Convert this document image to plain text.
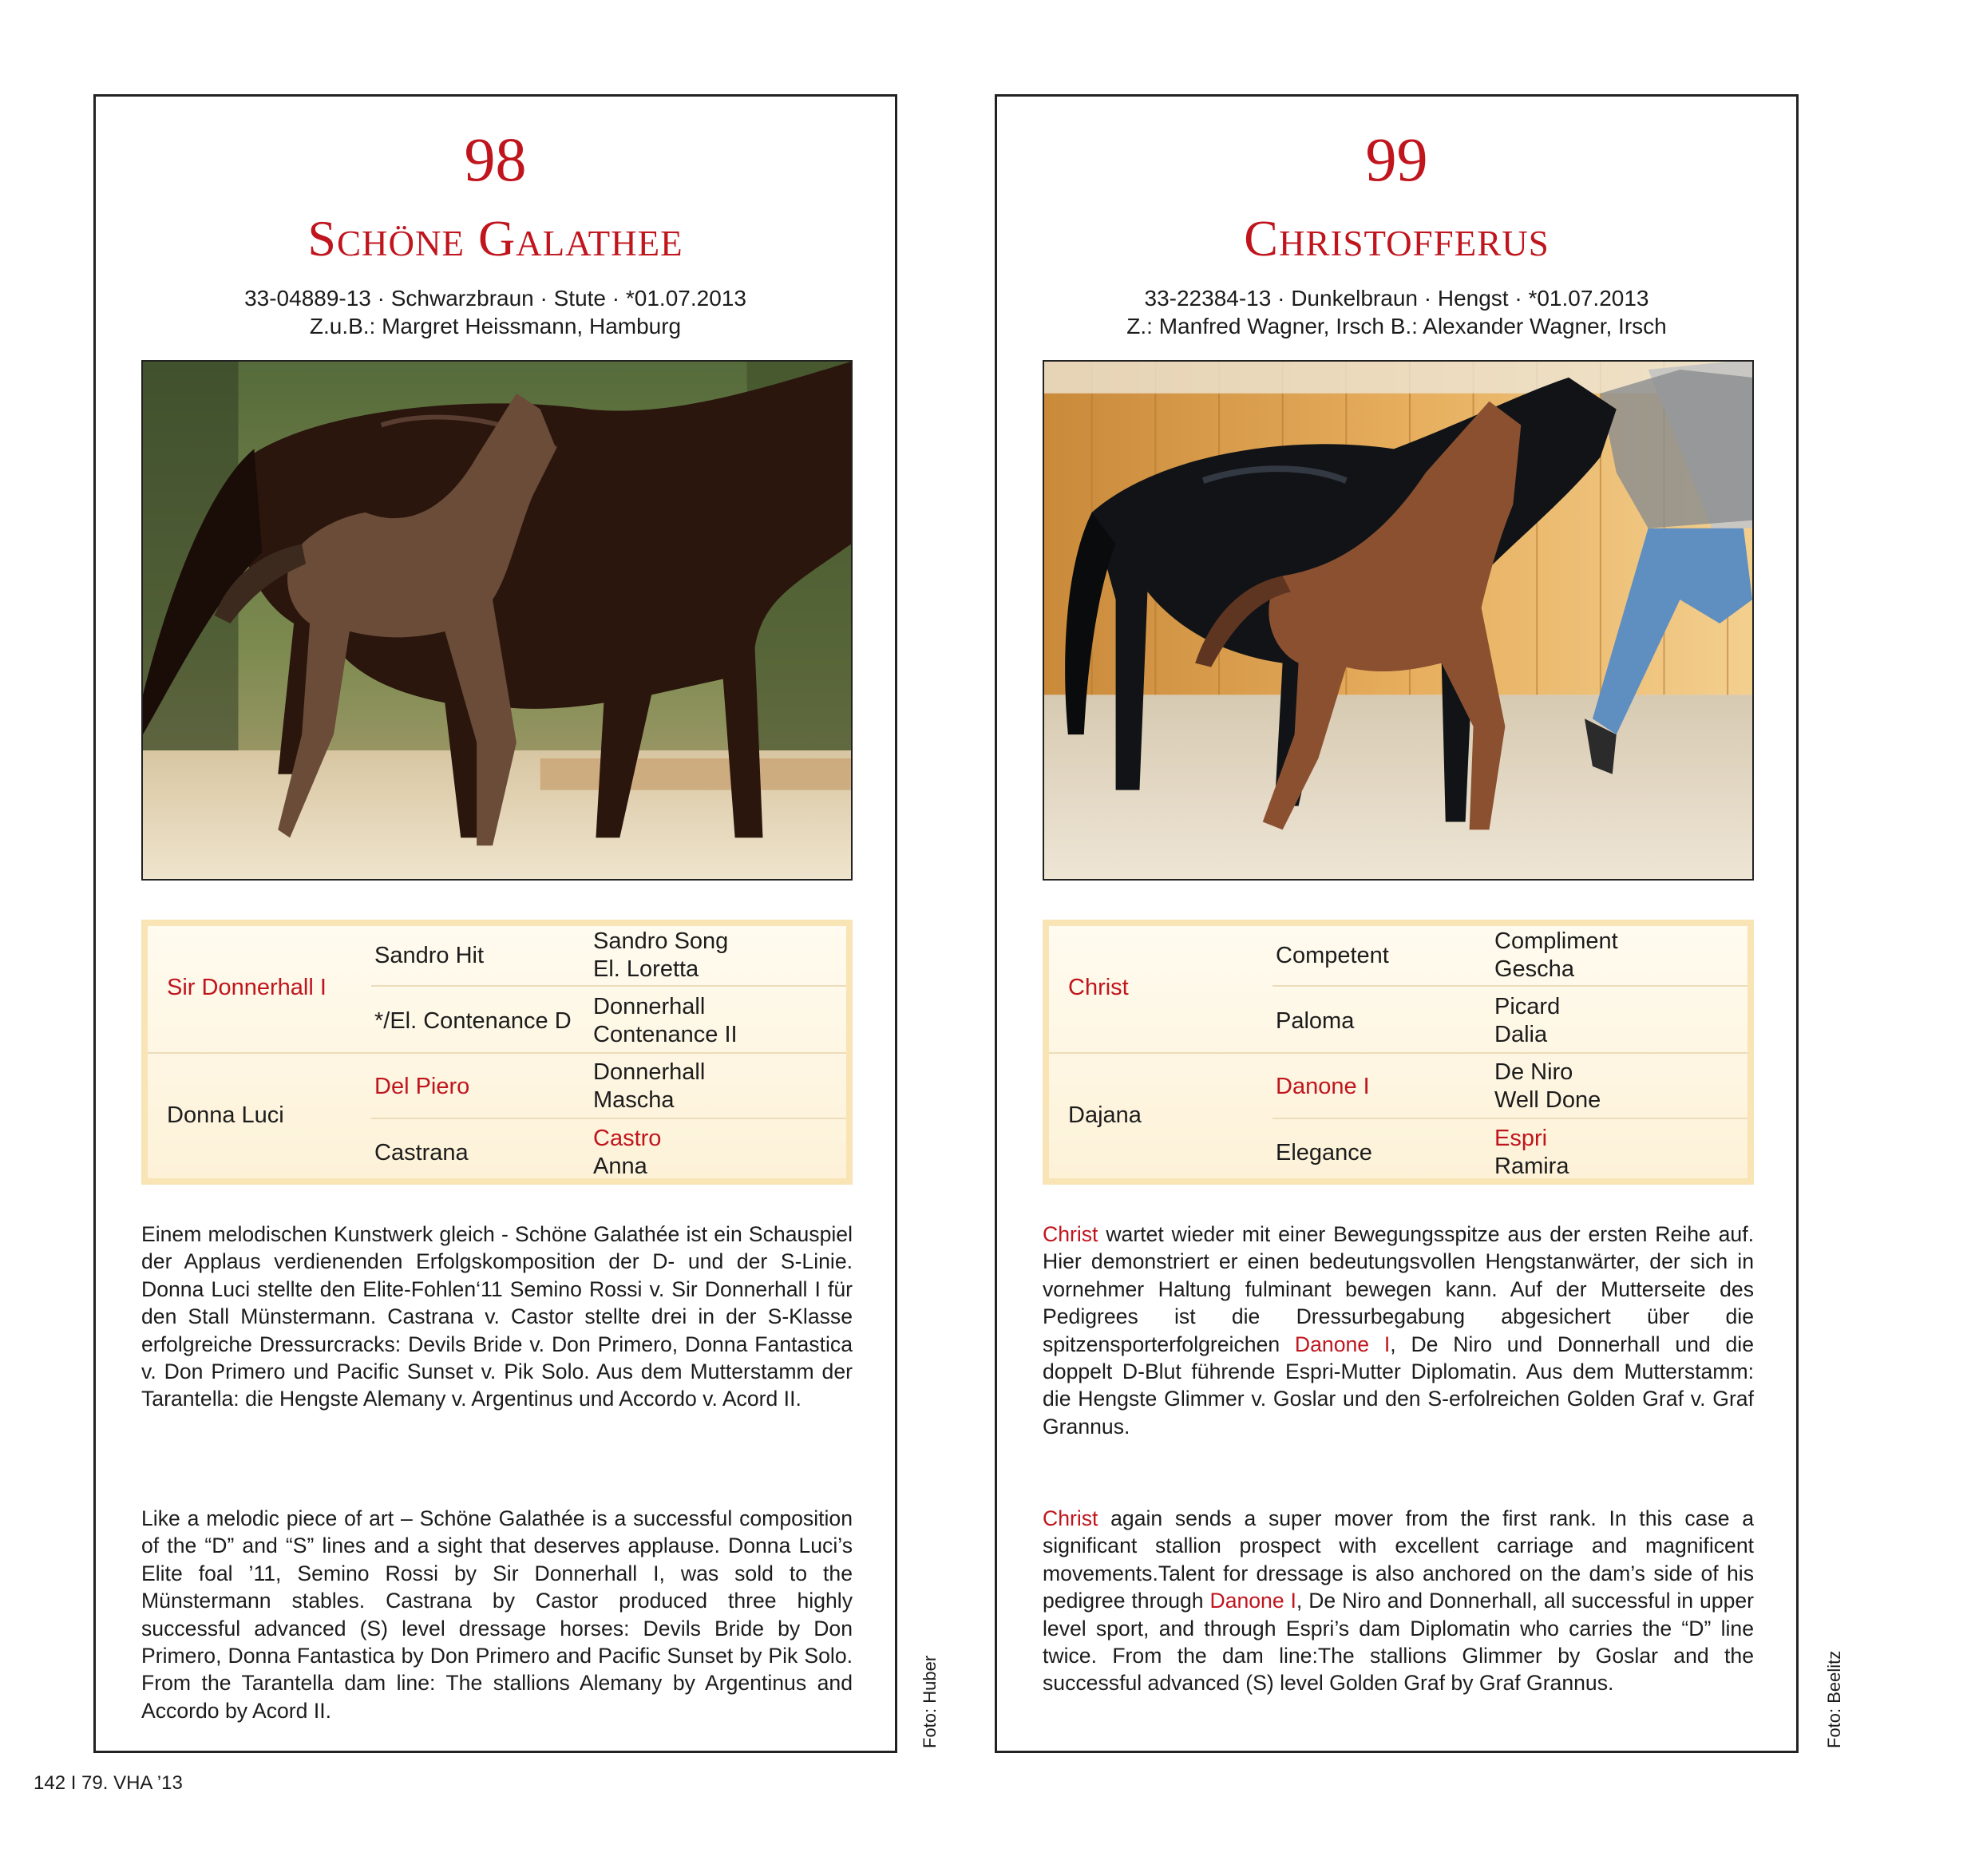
98
Schöne Galathee
33-04889-13 · Schwarzbraun · Stute · *01.07.2013
Z.u.B.: Margret Heissmann, Hamburg
Sir Donnerhall I
Donna Luci
Sandro Hit
*/El. Contenance D
Del Piero
Castrana
Sandro Song
El. Loretta
Donnerhall
Contenance II
Donnerhall
Mascha
Castro
Anna
Einem melodischen Kunstwerk gleich - Schöne Galathée ist ein Schauspiel der Applaus verdienenden Erfolgskomposition der D- und der S-Linie. Donna Luci stellte den Elite-Fohlen‘11 Semino Rossi v. Sir Donnerhall I für den Stall Münstermann. Castrana v. Castor stellte drei in der S-Klasse erfolgreiche Dressurcracks: Devils Bride v. Don Primero, Donna Fantastica v. Don Primero und Pacific Sunset v. Pik Solo. Aus dem Mutterstamm der Tarantella: die Hengste Alemany v. Argentinus und Accordo v. Acord II.
Like a melodic piece of art – Schöne Galathée is a successful composition of the “D” and “S” lines and a sight that deserves applause. Donna Luci’s Elite foal ’11, Semino Rossi by Sir Donnerhall I, was sold to the Münstermann stables. Castrana by Castor produced three highly successful advanced (S) level dressage horses: Devils Bride by Don Primero, Donna Fantastica by Don Primero and Pacific Sunset by Pik Solo. From the Tarantella dam line: The stallions Alemany by Argentinus and Accordo by Acord II.
99
Christofferus
33-22384-13 · Dunkelbraun · Hengst · *01.07.2013
Z.: Manfred Wagner, Irsch B.: Alexander Wagner, Irsch
Christ
Dajana
Competent
Paloma
Danone I
Elegance
Compliment
Gescha
Picard
Dalia
De Niro
Well Done
Espri
Ramira
Christ wartet wieder mit einer Bewegungsspitze aus der ersten Reihe auf. Hier demonstriert er einen bedeutungsvollen Hengstanwärter, der sich in vornehmer Haltung fulminant bewegen kann. Auf der Mutterseite des Pedigrees ist die Dressurbegabung abgesichert über die spitzensporterfolgreichen Danone I, De Niro und Donnerhall und die doppelt D-Blut führende Espri-Mutter Diplomatin. Aus dem Mutterstamm: die Hengste Glimmer v. Goslar und den S-erfolreichen Golden Graf v. Graf Grannus.
Christ again sends a super mover from the first rank. In this case a significant stallion prospect with excellent carriage and magnificent movements.Talent for dressage is also anchored on the dam’s side of his pedigree through Danone I, De Niro and Donnerhall, all successful in upper level sport, and through Espri’s dam Diplomatin who carries the “D” line twice. From the dam line:The stallions Glimmer by Goslar and the successful advanced (S) level Golden Graf by Graf Grannus.
Foto: Huber	Foto: Beelitz
142 I 79. VHA ’13
